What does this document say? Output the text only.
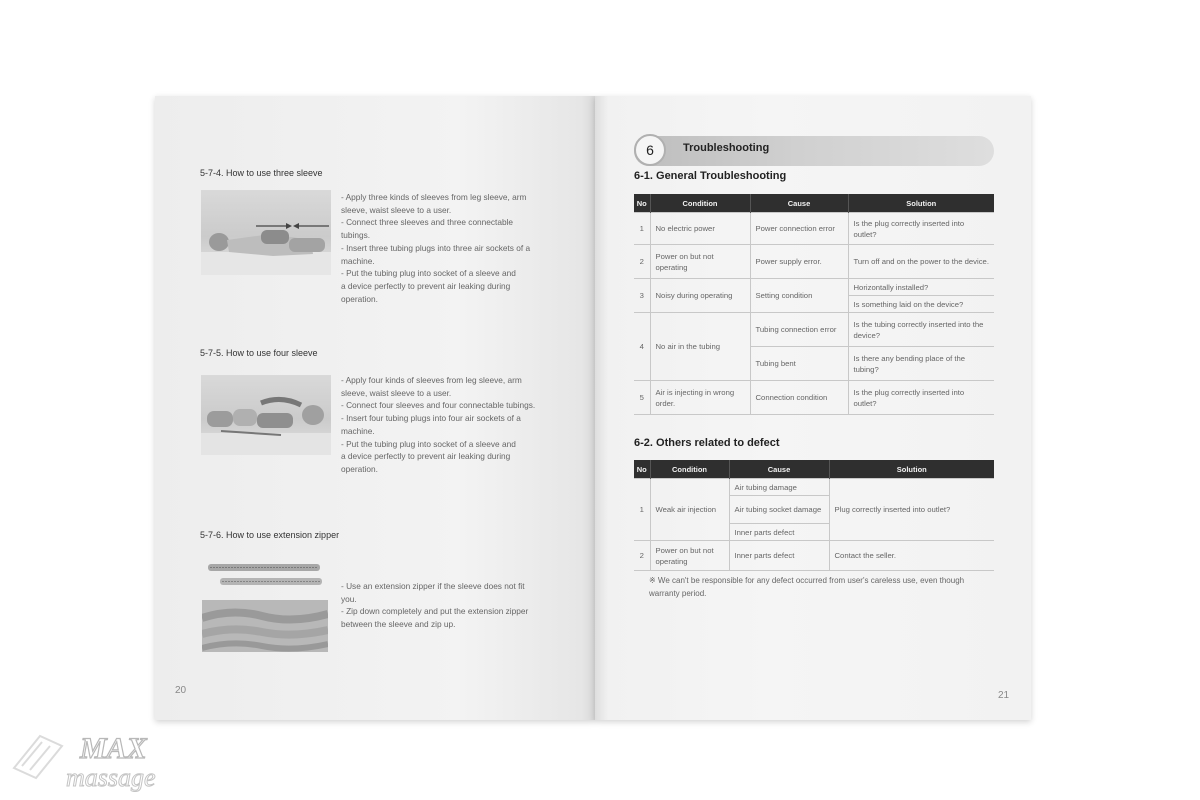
5-7-4. How to use three sleeve
- Apply three kinds of sleeves from leg sleeve, arm
sleeve, waist sleeve to a user.
- Connect three sleeves and three connectable
tubings.
- Insert three tubing plugs into three air sockets of a
machine.
- Put the tubing plug into socket of a sleeve and
a device perfectly to prevent air leaking during
operation.
5-7-5. How to use four sleeve
- Apply four kinds of sleeves from leg sleeve, arm
sleeve, waist sleeve to a user.
- Connect four sleeves and four connectable tubings.
- Insert four tubing plugs into four air sockets of a
machine.
- Put the tubing plug into socket of a sleeve and
a device perfectly to prevent air leaking during
operation.
5-7-6. How to use extension zipper
- Use an extension zipper if the sleeve does not fit
you.
- Zip down completely and put the extension zipper
between the sleeve and zip up.
20
6	Troubleshooting
6-1. General Troubleshooting
No	Condition	Cause	Solution
1	No electric power	Power connection error	Is the plug correctly inserted into outlet?
2	Power on but not operating	Power supply error.	Turn off and on the power to the device.
3	Noisy during operating	Setting condition	Horizontally installed?
			Is something laid on the device?
4	No air in the tubing	Tubing connection error	Is the tubing correctly inserted into the device?
		Tubing bent	Is there any bending place of the tubing?
5	Air is injecting in wrong order.	Connection condition	Is the plug correctly inserted into outlet?
6-2. Others related to defect
No	Condition	Cause	Solution
1	Weak air injection	Air tubing damage	Plug correctly inserted into outlet?
		Air tubing socket damage	
		Inner parts defect	
2	Power on but not operating	Inner parts defect	Contact the seller.
※ We can't be responsible for any defect occurred from user's careless use, even though warranty period.
21
MAX
massage
